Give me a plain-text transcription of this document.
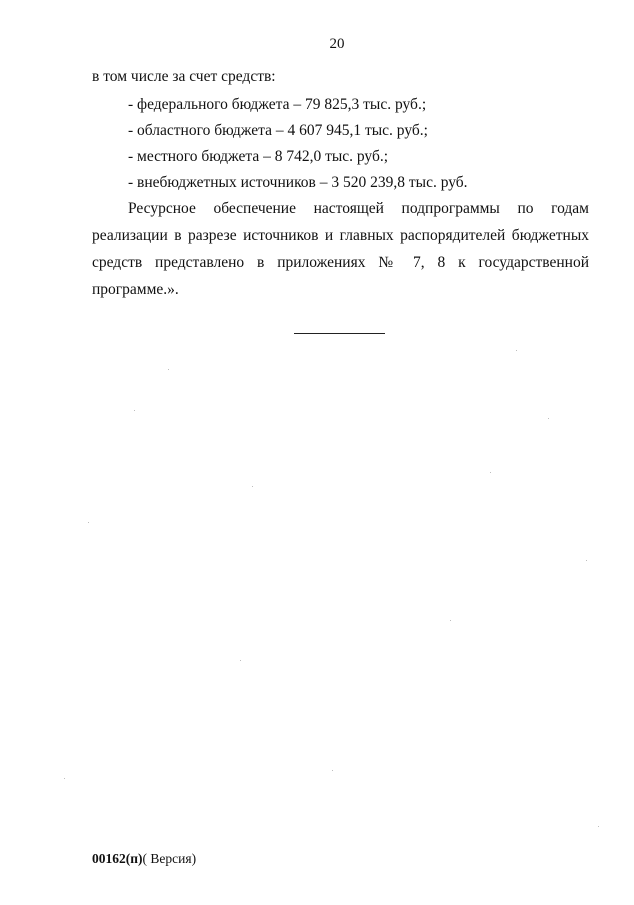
20
в том числе за счет средств:
- федерального бюджета – 79 825,3 тыс. руб.;
- областного бюджета – 4 607 945,1 тыс. руб.;
- местного бюджета – 8 742,0 тыс. руб.;
- внебюджетных источников – 3 520 239,8 тыс. руб.
Ресурсное обеспечение настоящей подпрограммы по годам реализации в разрезе источников и главных распорядителей бюджетных средств представлено в приложениях № 7, 8 к государственной программе.».
00162(п)( Версия)
